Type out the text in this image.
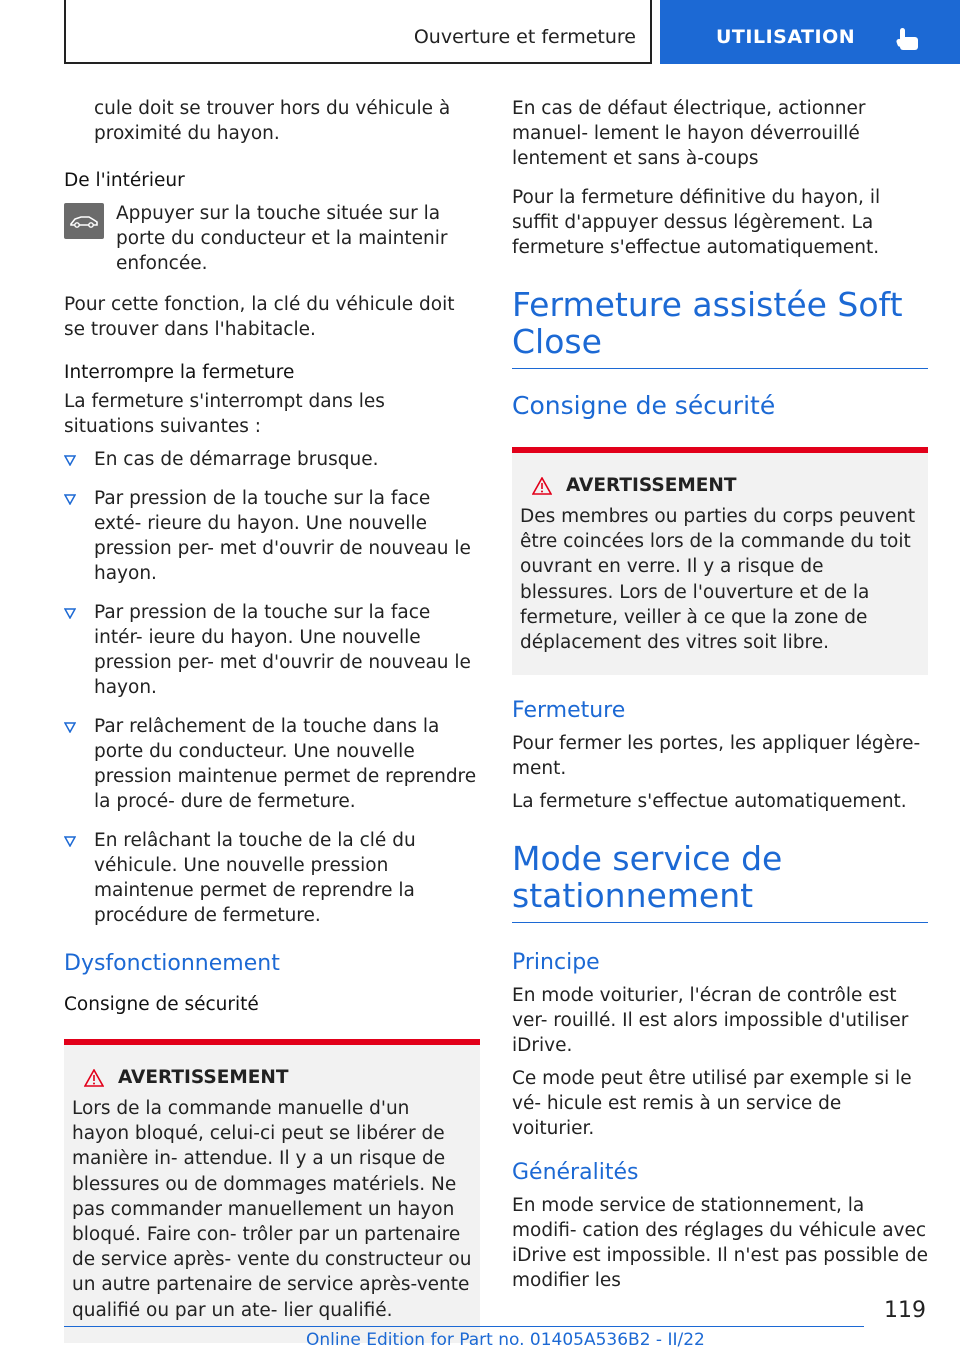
Ouverture et fermeture	UTILISATION

cule doit se trouver hors du véhicule à proximité du hayon.

De l'intérieur

Appuyer sur la touche située sur la porte du conducteur et la maintenir enfoncée.

Pour cette fonction, la clé du véhicule doit se trouver dans l'habitacle.

Interrompre la fermeture

La fermeture s'interrompt dans les situations suivantes :

En cas de démarrage brusque.
Par pression de la touche sur la face exté- rieure du hayon. Une nouvelle pression per- met d'ouvrir de nouveau le hayon.
Par pression de la touche sur la face intér- ieure du hayon. Une nouvelle pression per- met d'ouvrir de nouveau le hayon.
Par relâchement de la touche dans la porte du conducteur. Une nouvelle pression maintenue permet de reprendre la procé- dure de fermeture.
En relâchant la touche de la clé du véhicule. Une nouvelle pression maintenue permet de reprendre la procédure de fermeture.
Dysfonctionnement

Consigne de sécurité

AVERTISSEMENT

Lors de la commande manuelle d'un hayon bloqué, celui-ci peut se libérer de manière in- attendue. Il y a un risque de blessures ou de dommages matériels. Ne pas commander manuellement un hayon bloqué. Faire con- trôler par un partenaire de service après- vente du constructeur ou un autre partenaire de service après-vente qualifié ou par un ate- lier qualifié.

En cas de défaut électrique, actionner manuel- lement le hayon déverrouillé lentement et sans à-coups

Pour la fermeture définitive du hayon, il suffit d'appuyer dessus légèrement. La fermeture s'effectue automatiquement.

Fermeture assistée Soft Close
Consigne de sécurité
AVERTISSEMENT

Des membres ou parties du corps peuvent être coincées lors de la commande du toit ouvrant en verre. Il y a risque de blessures. Lors de l'ouverture et de la fermeture, veiller à ce que la zone de déplacement des vitres soit libre.

Fermeture

Pour fermer les portes, les appliquer légère- ment.

La fermeture s'effectue automatiquement.

Mode service de stationnement
Principe

En mode voiturier, l'écran de contrôle est ver- rouillé. Il est alors impossible d'utiliser iDrive.

Ce mode peut être utilisé par exemple si le vé- hicule est remis à un service de voiturier.

Généralités

En mode service de stationnement, la modifi- cation des réglages du véhicule avec iDrive est impossible. Il n'est pas possible de modifier les

119
Online Edition for Part no. 01405A536B2 - II/22
